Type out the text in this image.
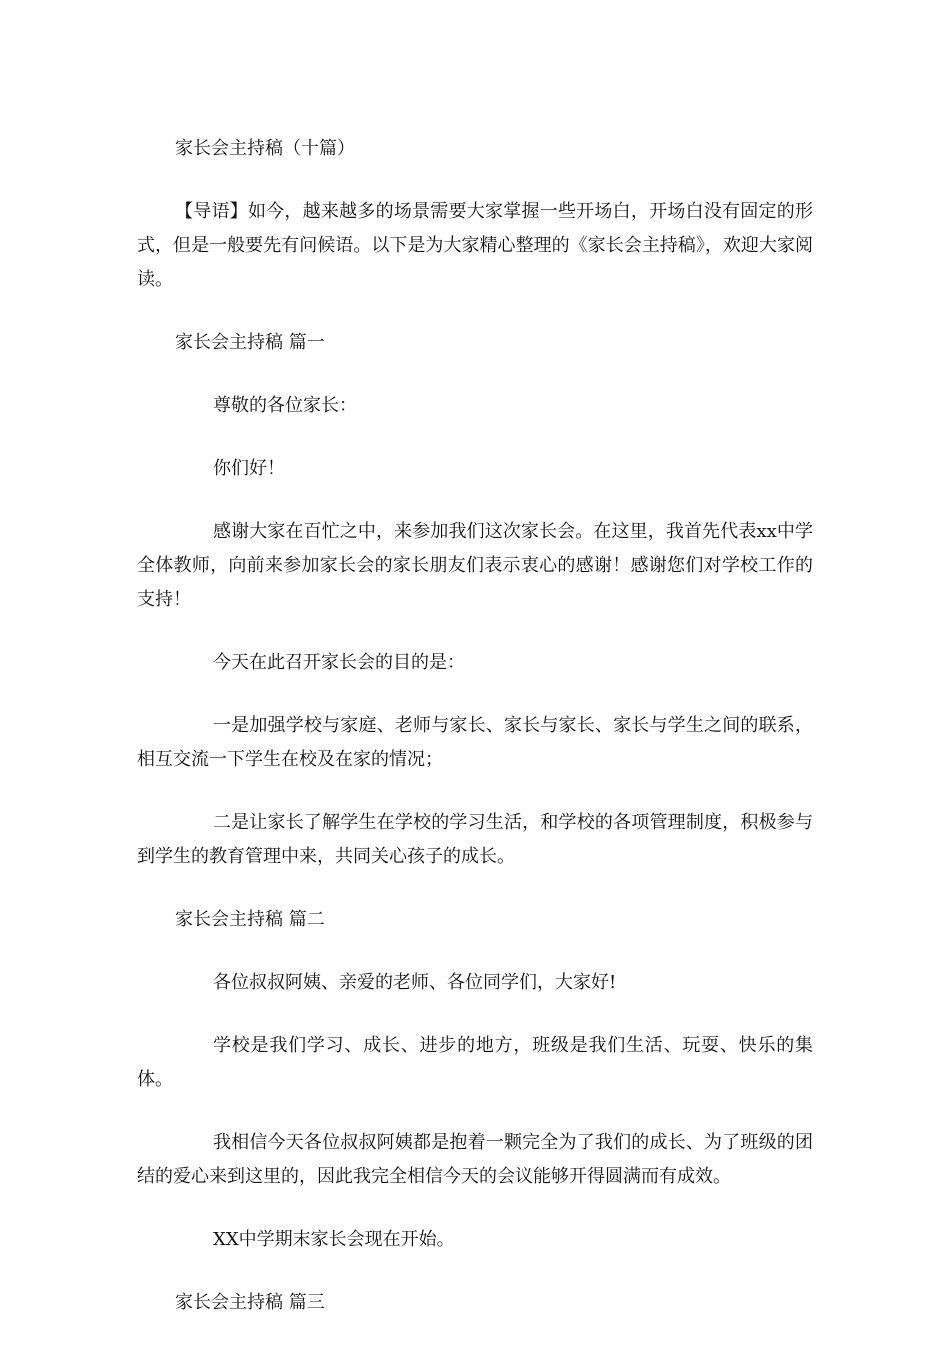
家长会主持稿（十篇）

【导语】如今，越来越多的场景需要大家掌握一些开场白，开场白没有固定的形式，但是一般要先有问候语。以下是为大家精心整理的《家长会主持稿》，欢迎大家阅读。

家长会主持稿 篇一

尊敬的各位家长：

你们好！

感谢大家在百忙之中，来参加我们这次家长会。在这里，我首先代表xx中学全体教师，向前来参加家长会的家长朋友们表示衷心的感谢！感谢您们对学校工作的支持！

今天在此召开家长会的目的是：

一是加强学校与家庭、老师与家长、家长与家长、家长与学生之间的联系，相互交流一下学生在校及在家的情况；

二是让家长了解学生在学校的学习生活，和学校的各项管理制度，积极参与到学生的教育管理中来，共同关心孩子的成长。

家长会主持稿 篇二

各位叔叔阿姨、亲爱的老师、各位同学们，大家好!

学校是我们学习、成长、进步的地方，班级是我们生活、玩耍、快乐的集体。

我相信今天各位叔叔阿姨都是抱着一颗完全为了我们的成长、为了班级的团结的爱心来到这里的，因此我完全相信今天的会议能够开得圆满而有成效。

XX中学期末家长会现在开始。

家长会主持稿 篇三
